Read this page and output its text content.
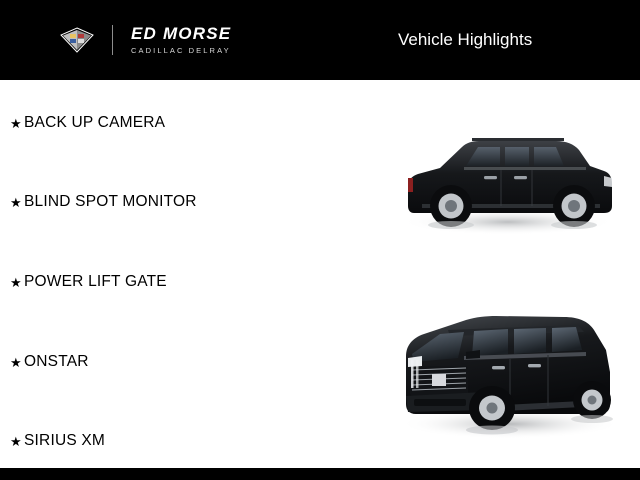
ED MORSE
CADILLAC DELRAY
Vehicle Highlights
★ BACK UP CAMERA
★ BLIND SPOT MONITOR
★ POWER LIFT GATE
★ ONSTAR
★ SIRIUS XM
